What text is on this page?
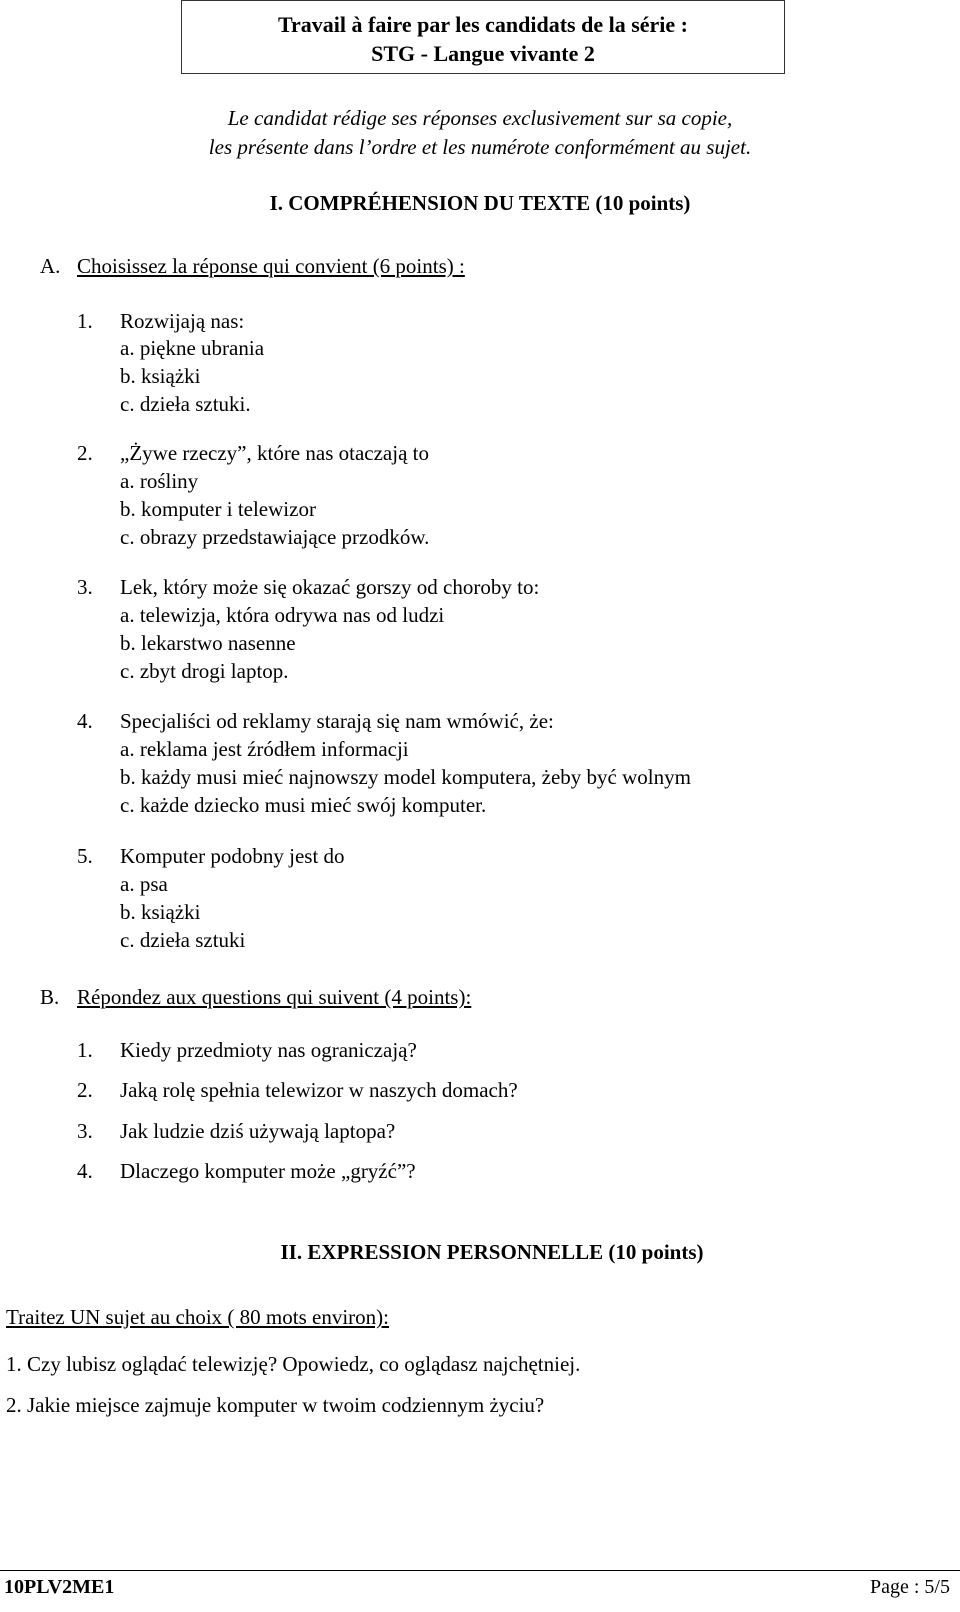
Travail à faire par les candidats de la série :
STG - Langue vivante 2
Le candidat rédige ses réponses exclusivement sur sa copie,
les présente dans l’ordre et les numérote conformément au sujet.
I. COMPRÉHENSION DU TEXTE (10 points)
A. Choisissez la réponse qui convient (6 points) :
1. Rozwijają nas:
a. piękne ubrania
b. książki
c. dzieła sztuki.
2. „Żywe rzeczy”, które nas otaczają to
a. rośliny
b. komputer i telewizor
c. obrazy przedstawiające przodków.
3. Lek, który może się okazać gorszy od choroby to:
a. telewizja, która odrywa nas od ludzi
b. lekarstwo nasenne
c. zbyt drogi laptop.
4. Specjaliści od reklamy starają się nam wmówić, że:
a. reklama jest źródłem informacji
b. każdy musi mieć najnowszy model komputera, żeby być wolnym
c. każde dziecko musi mieć swój komputer.
5. Komputer podobny jest do
a. psa
b. książki
c. dzieła sztuki
B. Répondez aux questions qui suivent (4 points):
1. Kiedy przedmioty nas ograniczają?
2. Jaką rolę spełnia telewizor w naszych domach?
3. Jak ludzie dziś używają laptopa?
4. Dlaczego komputer może „gryźć”?
II. EXPRESSION PERSONNELLE (10 points)
Traitez UN sujet au choix ( 80 mots environ):
1. Czy lubisz oglądać telewizję? Opowiedz, co oglądasz najchętniej.
2. Jakie miejsce zajmuje komputer w twoim codziennym życiu?
10PLV2ME1	Page : 5/5
